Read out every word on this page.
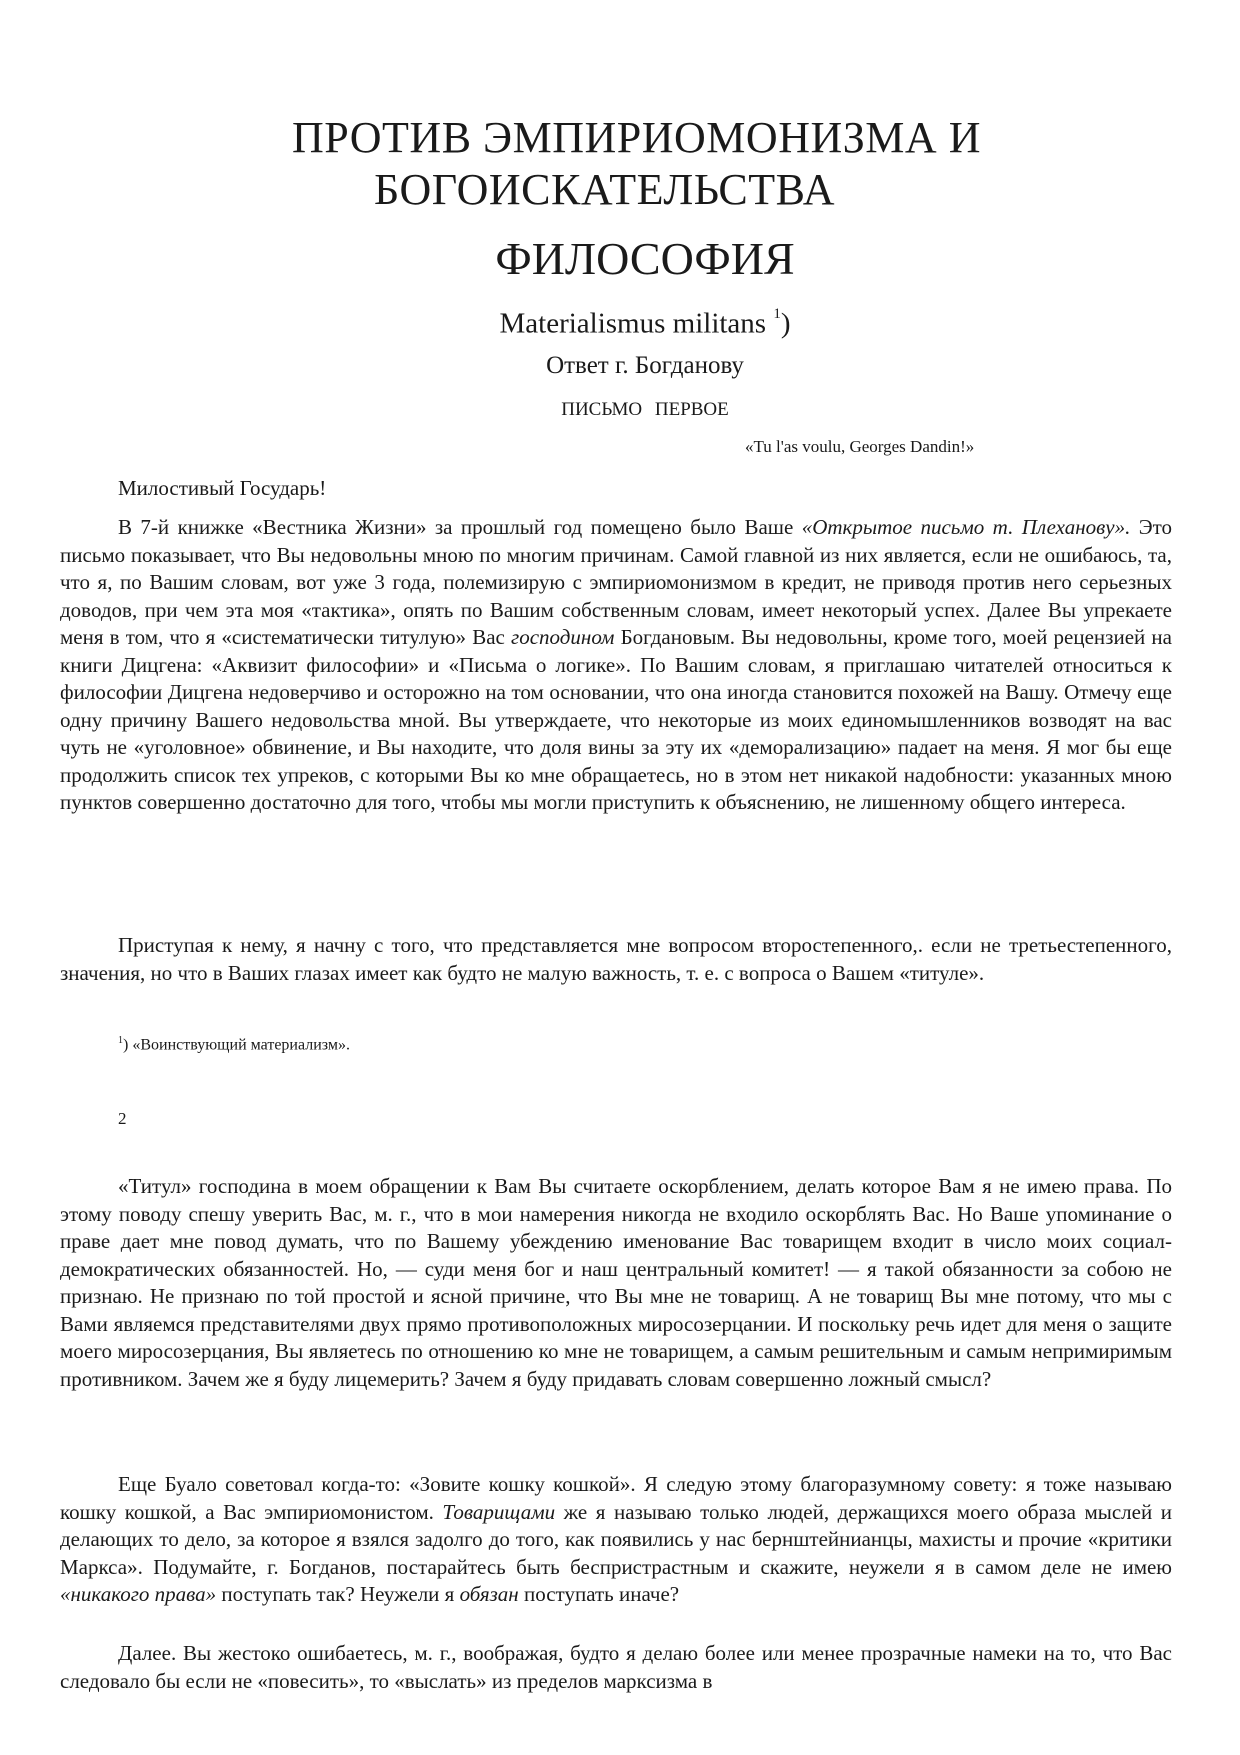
ПРОТИВ ЭМПИРИОМОНИЗМА И
БОГОИСКАТЕЛЬСТВА
ФИЛОСОФИЯ
Materialismus militans $^1$)
Ответ г. Богданову
ПИСЬМО ПЕРВОЕ
«Tu l'as voulu, Georges Dandin!»
Милостивый Государь!

В 7-й книжке «Вестника Жизни» за прошлый год помещено было Ваше «Открытое письмо т. Плеханову». Это письмо показывает, что Вы недовольны мною по многим причинам. Самой главной из них является, если не ошибаюсь, та, что я, по Вашим словам, вот уже 3 года, полемизирую с эмпириомонизмом в кредит, не приводя против него серьезных доводов, при чем эта моя «тактика», опять по Вашим собственным словам, имеет некоторый успех. Далее Вы упрекаете меня в том, что я «систематически титулую» Вас господином Богдановым. Вы недовольны, кроме того, моей рецензией на книги Дицгена: «Аквизит философии» и «Письма о логике». По Вашим словам, я приглашаю читателей относиться к философии Дицгена недоверчиво и осторожно на том основании, что она иногда становится похожей на Вашу. Отмечу еще одну причину Вашего недовольства мной. Вы утверждаете, что некоторые из моих единомышленников возводят на вас чуть не «уголовное» обвинение, и Вы находите, что доля вины за эту их «деморализацию» падает на меня. Я мог бы еще продолжить список тех упреков, с которыми Вы ко мне обращаетесь, но в этом нет никакой надобности: указанных мною пунктов совершенно достаточно для того, чтобы мы могли приступить к объяснению, не лишенному общего интереса.

Приступая к нему, я начну с того, что представляется мне вопросом второстепенного,. если не третьестепенного, значения, но что в Ваших глазах имеет как будто не малую важность, т. е. с вопроса о Вашем «титуле».

$^1$) «Воинствующий материализм».
2

«Титул» господина в моем обращении к Вам Вы считаете оскорблением, делать которое Вам я не имею права. По этому поводу спешу уверить Вас, м. г., что в мои намерения никогда не входило оскорблять Вас. Но Ваше упоминание о праве дает мне повод думать, что по Вашему убеждению именование Вас товарищем входит в число моих социал-демократических обязанностей. Но, — суди меня бог и наш центральный комитет! — я такой обязанности за собою не признаю. Не признаю по той простой и ясной причине, что Вы мне не товарищ. А не товарищ Вы мне потому, что мы с Вами являемся представителями двух прямо противоположных миросозерцании. И поскольку речь идет для меня о защите моего миросозерцания, Вы являетесь по отношению ко мне не товарищем, а самым решительным и самым непримиримым противником. Зачем же я буду лицемерить? Зачем я буду придавать словам совершенно ложный смысл?

Еще Буало советовал когда-то: «Зовите кошку кошкой». Я следую этому благоразумному совету: я тоже называю кошку кошкой, а Вас эмпириомонистом. Товарищами же я называю только людей, держащихся моего образа мыслей и делающих то дело, за которое я взялся задолго до того, как появились у нас бернштейнианцы, махисты и прочие «критики Маркса». Подумайте, г. Богданов, постарайтесь быть беспристрастным и скажите, неужели я в самом деле не имею «никакого права» поступать так? Неужели я обязан поступать иначе?

Далее. Вы жестоко ошибаетесь, м. г., воображая, будто я делаю более или менее прозрачные намеки на то, что Вас следовало бы если не «повесить», то «выслать» из пределов марксизма в
